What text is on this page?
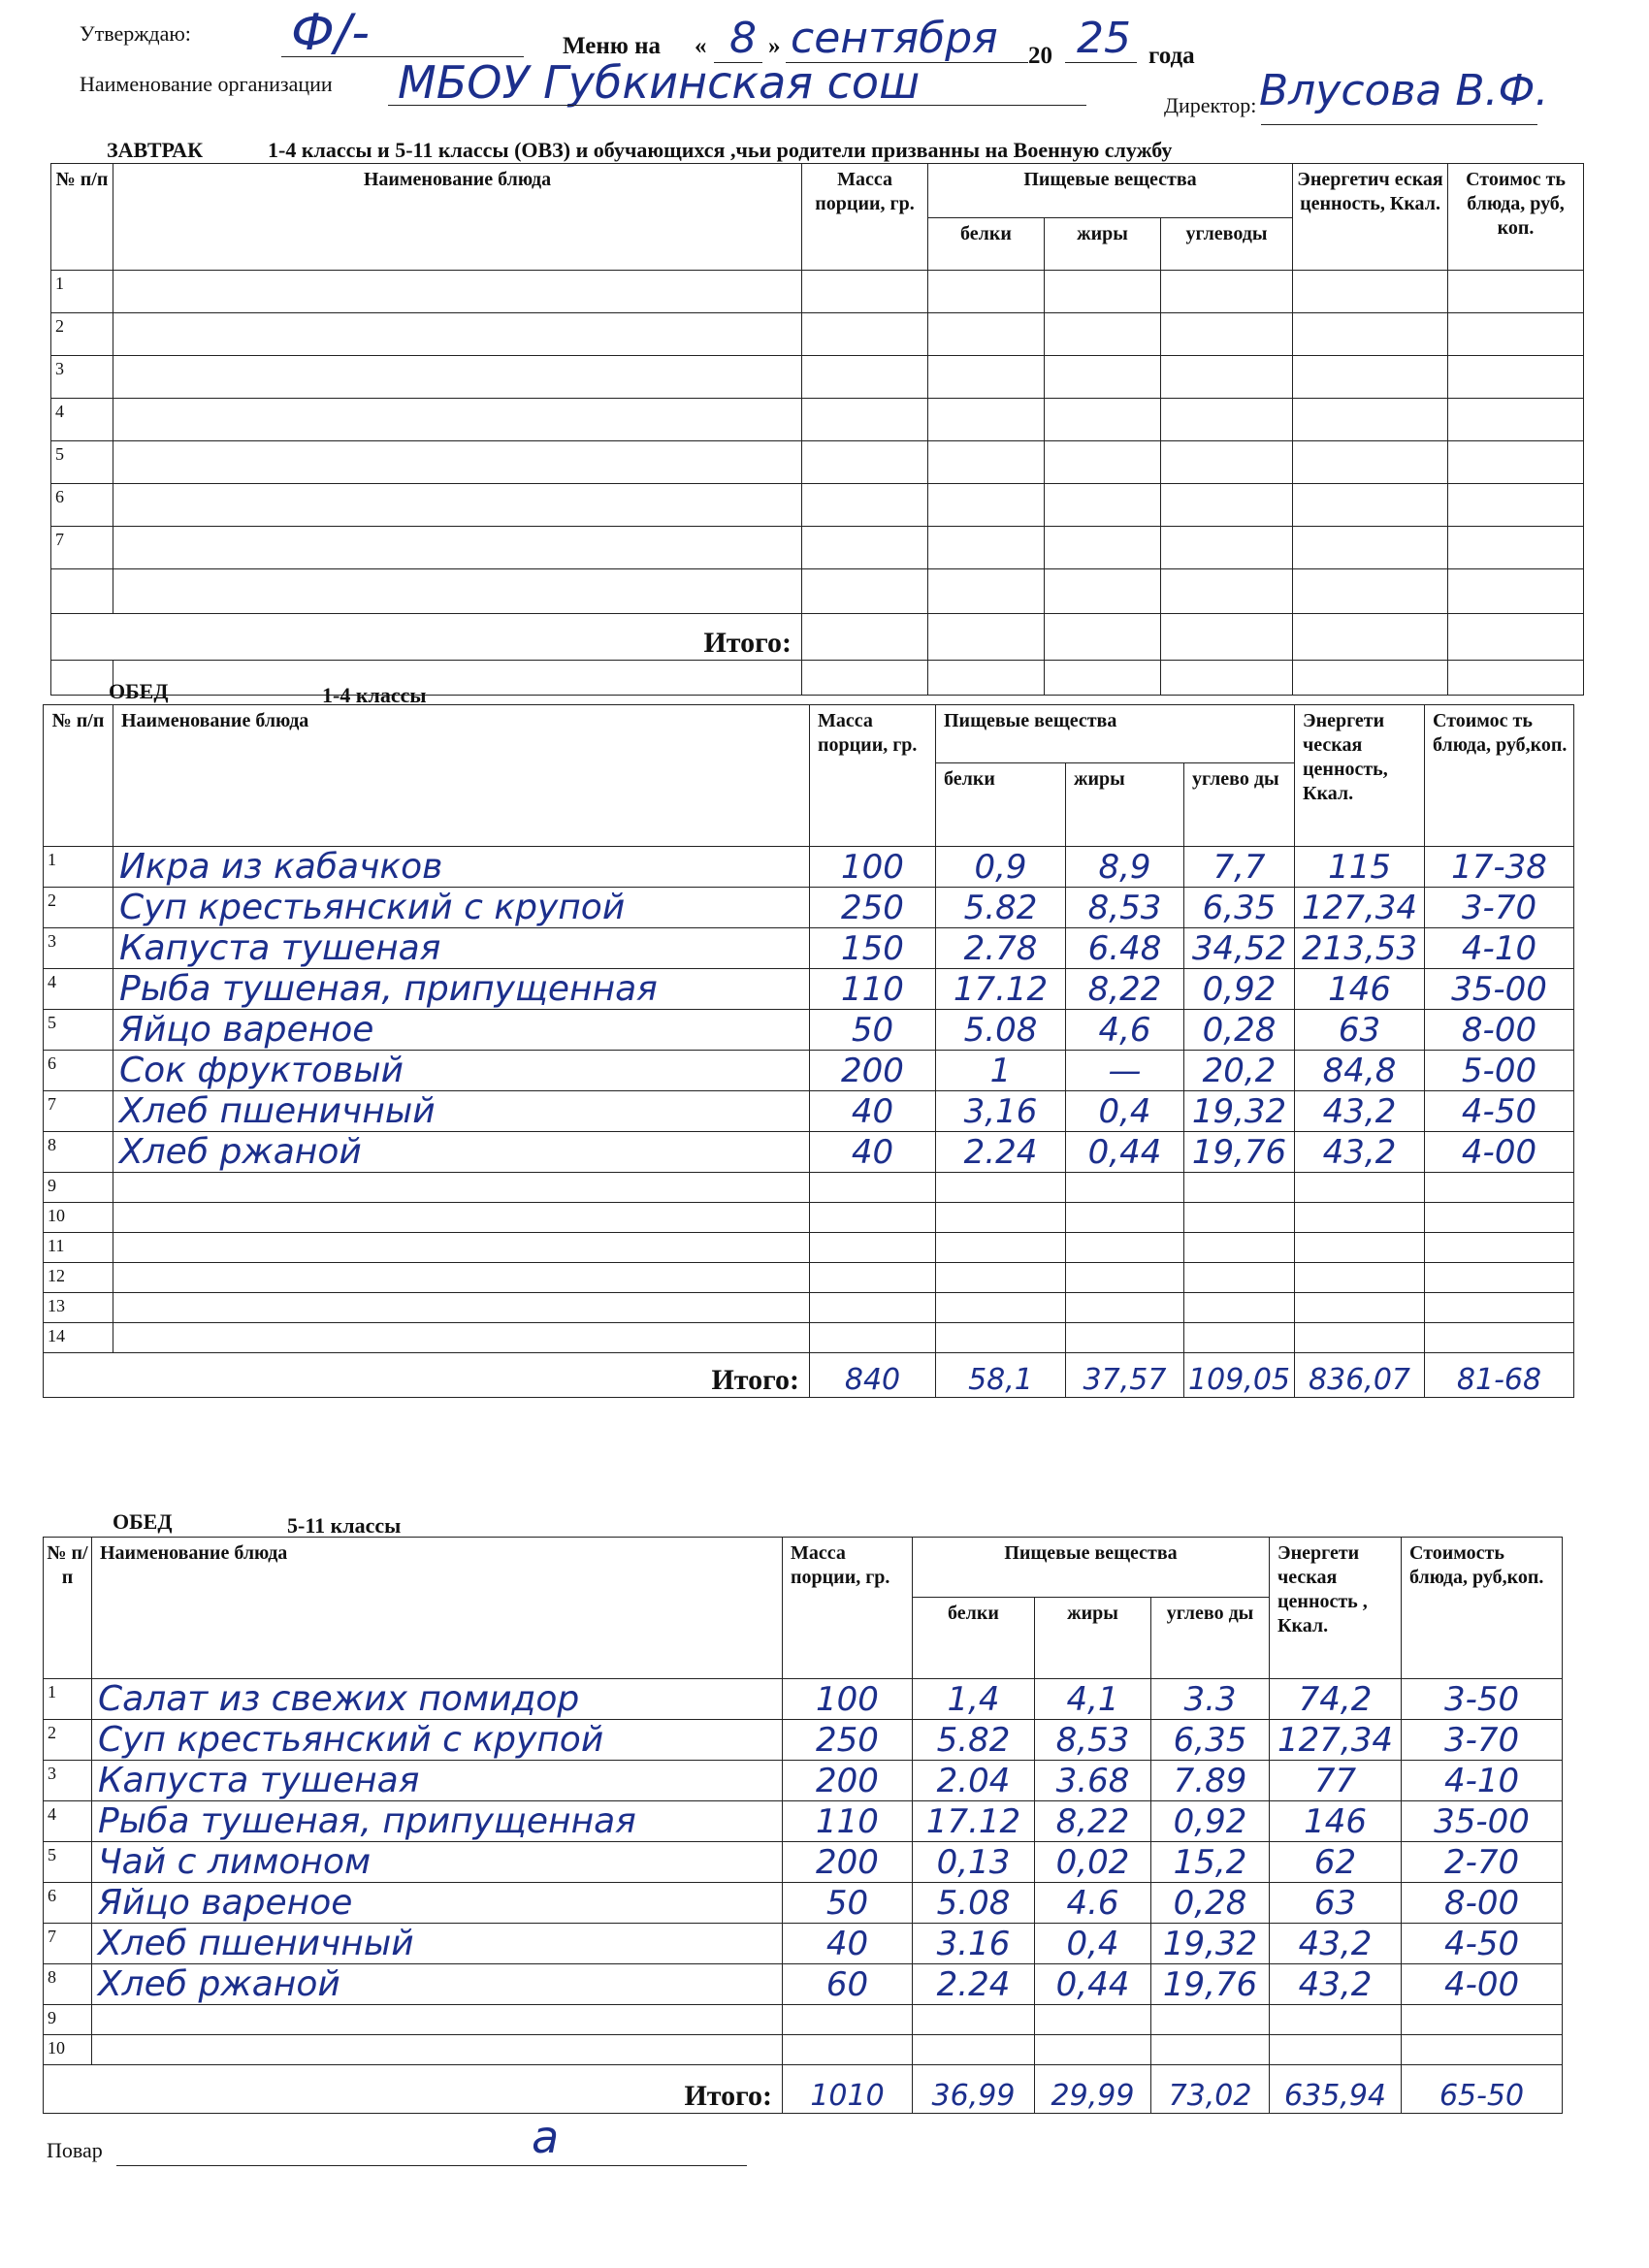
Утверждаю: Ф/-	Меню на « 8 » сентября 20 25 года
Наименование организации МБОУ Губкинская сош	Директор: Влусова В.Ф.
ЗАВТРАК	1-4 классы и 5-11 классы (ОВЗ) и обучающихся ,чьи родители призванны на Военную службу
№ п/п	Наименование блюда	Масса порции, гр.	Пищевые вещества			Энергетич еская ценность, Ккал.	Стоимос ть блюда, руб, коп.
			белки	жиры	углеводы		
1							
2							
3							
4							
5							
6							
7							

Итого:							

ОБЕД	1-4 классы
№ п/п	Наименование блюда	Масса порции, гр.	Пищевые вещества			Энергети ческая ценность, Ккал.	Стоимос ть блюда, руб,коп.
			белки	жиры	углево ды		
1	Икра из кабачков	100	0,9	8,9	7,7	115	17-38
2	Суп крестьянский с крупой	250	5.82	8,53	6,35	127,34	3-70
3	Капуста тушеная	150	2.78	6.48	34,52	213,53	4-10
4	Рыба тушеная, припущенная	110	17.12	8,22	0,92	146	35-00
5	Яйцо вареное	50	5.08	4,6	0,28	63	8-00
6	Сок фруктовый	200	1	—	20,2	84,8	5-00
7	Хлеб пшеничный	40	3,16	0,4	19,32	43,2	4-50
8	Хлеб ржаной	40	2.24	0,44	19,76	43,2	4-00
9							
10							
11							
12							
13							
14							
Итого:		840	58,1	37,57	109,05	836,07	81-68
ОБЕД	5-11 классы
№ п/п	Наименование блюда	Масса порции, гр.	Пищевые вещества			Энергети ческая ценность , Ккал.	Стоимость блюда, руб,коп.
			белки	жиры	углево ды		
1	Салат из свежих помидор	100	1,4	4,1	3.3	74,2	3-50
2	Суп крестьянский с крупой	250	5.82	8,53	6,35	127,34	3-70
3	Капуста тушеная	200	2.04	3.68	7.89	77	4-10
4	Рыба тушеная, припущенная	110	17.12	8,22	0,92	146	35-00
5	Чай с лимоном	200	0,13	0,02	15,2	62	2-70
6	Яйцо вареное	50	5.08	4.6	0,28	63	8-00
7	Хлеб пшеничный	40	3.16	0,4	19,32	43,2	4-50
8	Хлеб ржаной	60	2.24	0,44	19,76	43,2	4-00
9							
10							
Итого:		1010	36,99	29,99	73,02	635,94	65-50
Повар	a
